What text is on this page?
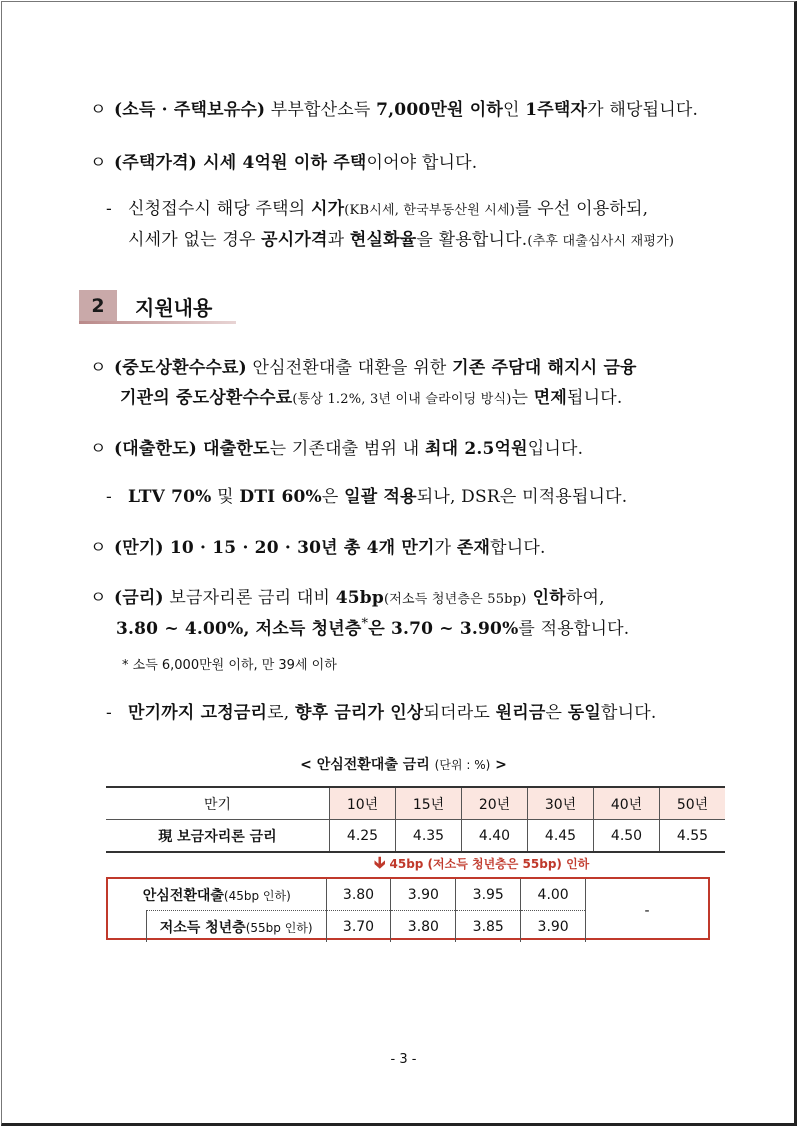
ㅇ (소득 · 주택보유수) 부부합산소득 7,000만원 이하인 1주택자가 해당됩니다.
ㅇ (주택가격) 시세 4억원 이하 주택이어야 합니다.
- 신청접수시 해당 주택의 시가(KB시세, 한국부동산원 시세)를 우선 이용하되,
시세가 없는 경우 공시가격과 현실화율을 활용합니다.(추후 대출심사시 재평가)
2	지원내용
ㅇ (중도상환수수료) 안심전환대출 대환을 위한 기존 주담대 해지시 금융
기관의 중도상환수수료(통상 1.2%, 3년 이내 슬라이딩 방식)는 면제됩니다.
ㅇ (대출한도) 대출한도는 기존대출 범위 내 최대 2.5억원입니다.
- LTV 70% 및 DTI 60%은 일괄 적용되나, DSR은 미적용됩니다.
ㅇ (만기) 10 · 15 · 20 · 30년 총 4개 만기가 존재합니다.
ㅇ (금리) 보금자리론 금리 대비 45bp(저소득 청년층은 55bp) 인하하여,
3.80 ~ 4.00%, 저소득 청년층*은 3.70 ~ 3.90%를 적용합니다.
* 소득 6,000만원 이하, 만 39세 이하
- 만기까지 고정금리로, 향후 금리가 인상되더라도 원리금은 동일합니다.
< 안심전환대출 금리 (단위 : %) >
만기	10년	15년	20년	30년	40년	50년
現 보금자리론 금리	4.25	4.35	4.40	4.45	4.50	4.55
🡳 45bp (저소득 청년층은 55bp) 인하
안심전환대출(45bp 인하)		3.80	3.90	3.95	4.00	-
	저소득 청년층(55bp 인하)	3.70	3.80	3.85	3.90	
- 3 -
